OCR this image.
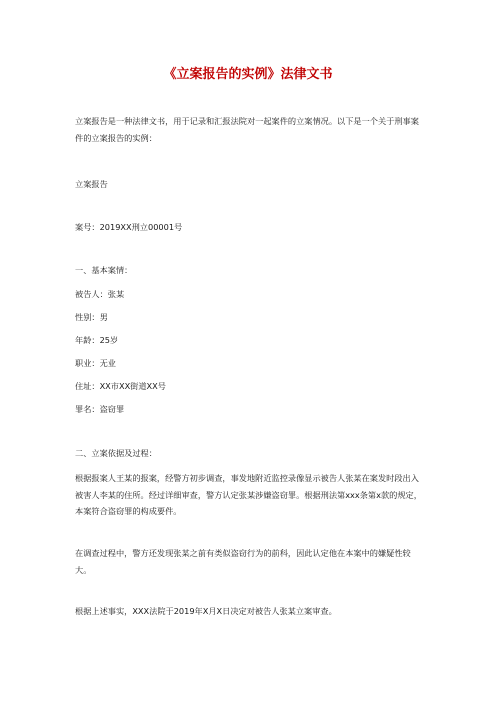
《立案报告的实例》法律文书

立案报告是一种法律文书，用于记录和汇报法院对一起案件的立案情况。以下是一个关于刑事案件的立案报告的实例：

立案报告
案号：2019XX刑立00001号
一、基本案情：
被告人：张某
性别：男
年龄：25岁
职业：无业
住址：XX市XX街道XX号
罪名：盗窃罪
二、立案依据及过程：

根据报案人王某的报案，经警方初步调查，事发地附近监控录像显示被告人张某在案发时段出入被害人李某的住所。经过详细审查，警方认定张某涉嫌盗窃罪。根据刑法第xxx条第x款的规定，本案符合盗窃罪的构成要件。

在调查过程中，警方还发现张某之前有类似盗窃行为的前科，因此认定他在本案中的嫌疑性较大。

根据上述事实，XXX法院于2019年X月X日决定对被告人张某立案审查。
